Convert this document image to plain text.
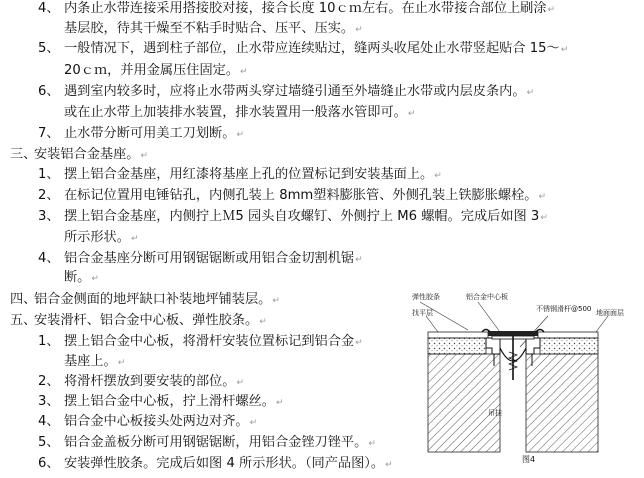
4、 内条止水带连接采用搭接胶对接，接合长度 10ｃｍ左右。在止水带接合部位上刷涂↵
基层胶，待其干燥至不粘手时贴合、压平、压实。↵
5、 一般情况下，遇到柱子部位，止水带应连续贴过，缝两头收尾处止水带竖起贴合 15～↵
20ｃｍ，并用金属压住固定。↵
6、 遇到室内较多时，应将止水带两头穿过墙缝引通至外墙缝止水带或内层皮条内。↵
或在止水带上加装排水装置，排水装置用一般落水管即可。↵
7、 止水带分断可用美工刀划断。↵
三、安装铝合金基座。↵
1、 摆上铝合金基座，用红漆将基座上孔的位置标记到安装基面上。↵
2、 在标记位置用电锤钻孔，内侧孔装上 8mm塑料膨胀管、外侧孔装上铁膨胀螺栓。↵
3、 摆上铝合金基座，内侧拧上Ｍ5 园头自攻螺钉、外侧拧上 M6 螺帽。完成后如图 3↵
所示形状。↵
4、 铝合金基座分断可用钢锯锯断或用铝合金切割机锯↵
断。↵
四、铝合金侧面的地坪缺口补装地坪铺装层。↵
五、安装滑杆、铝合金中心板、弹性胶条。↵
1、 摆上铝合金中心板，将滑杆安装位置标记到铝合金↵
基座上。↵
2、 将滑杆摆放到要安装的部位。↵
3、 摆上铝合金中心板，拧上滑杆螺丝。↵
4、 铝合金中心板接头处两边对齐。↵
5、 铝合金盖板分断可用钢锯锯断，用铝合金锉刀锉平。↵
6、 安装弹性胶条。完成后如图 4 所示形状。（同产品图）。↵
弹性胶条	铝合金中心板
不锈钢滑杆@500
找平层	地面面层
吊挂
图4
